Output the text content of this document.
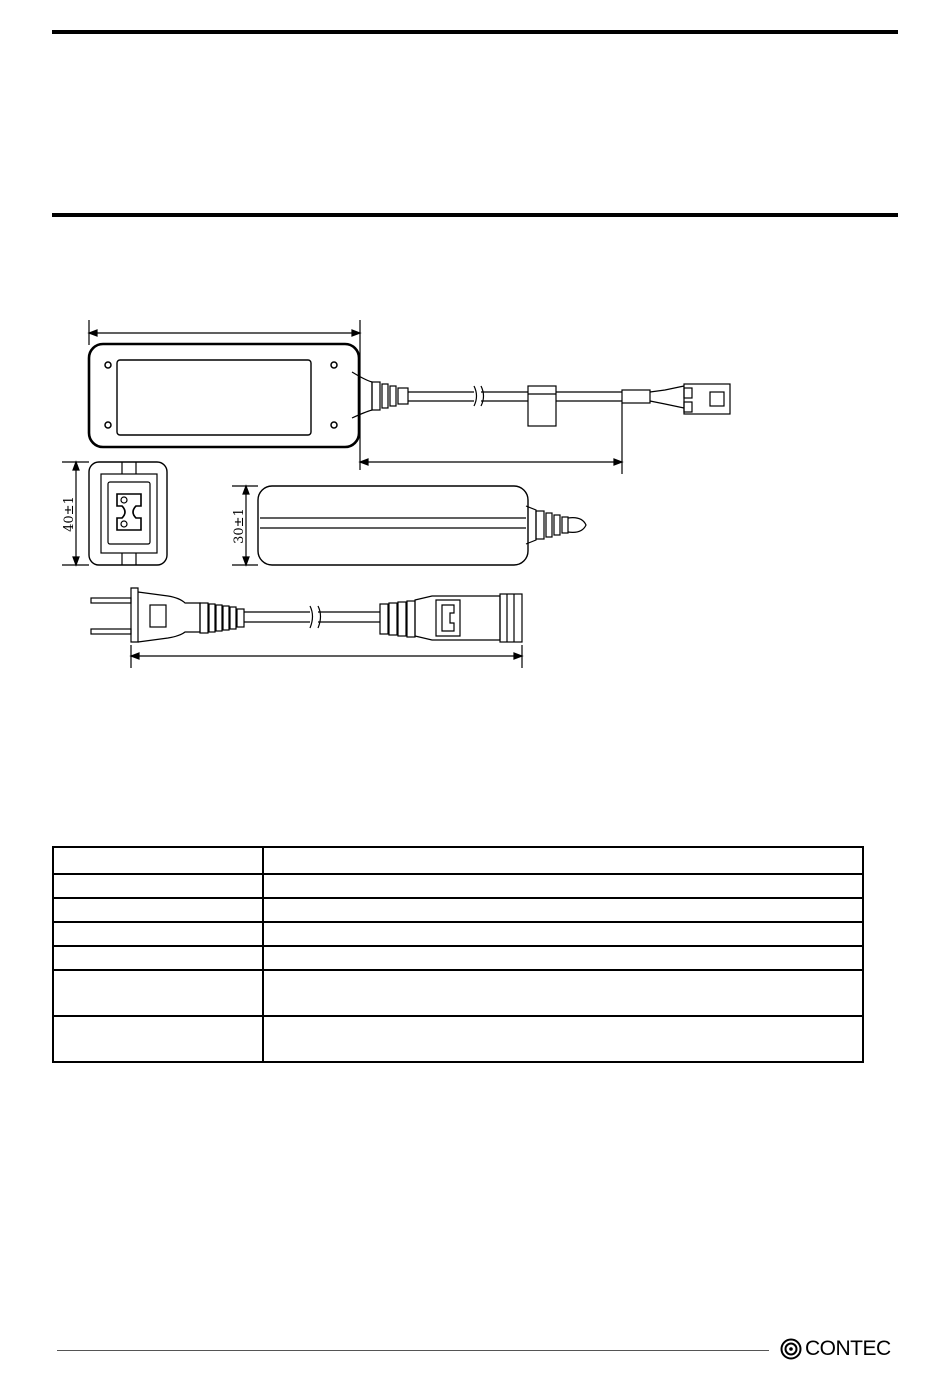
40±1	30±1

CONTEC
